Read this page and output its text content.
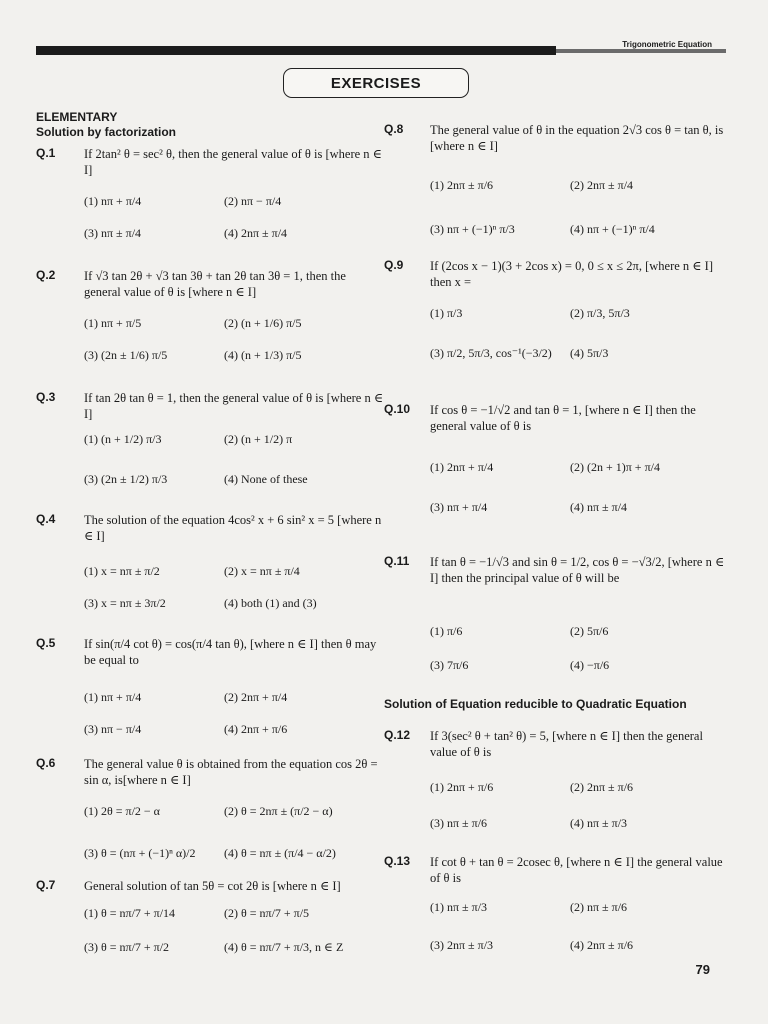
Trigonometric Equation
EXERCISES
ELEMENTARY
Solution by factorization
Q.1 If 2tan² θ = sec² θ, then the general value of θ is [where n ∈ I]
(1) nπ + π/4	(2) nπ − π/4
(3) nπ ± π/4	(4) 2nπ ± π/4
Q.2 If √3 tan 2θ + √3 tan 3θ + tan 2θ tan 3θ = 1, then the general value of θ is [where n ∈ I]
(1) nπ + π/5	(2) (n + 1/6) π/5
(3) (2n ± 1/6) π/5	(4) (n + 1/3) π/5
Q.3 If tan 2θ tan θ = 1, then the general value of θ is [where n ∈ I]
(1) (n + 1/2) π/3	(2) (n + 1/2) π
(3) (2n ± 1/2) π/3	(4) None of these
Q.4 The solution of the equation 4cos² x + 6 sin² x = 5 [where n ∈ I]
(1) x = nπ ± π/2	(2) x = nπ ± π/4
(3) x = nπ ± 3π/2	(4) both (1) and (3)
Q.5 If sin(π/4 cot θ) = cos(π/4 tan θ), [where n ∈ I] then θ may be equal to
(1) nπ + π/4	(2) 2nπ + π/4
(3) nπ − π/4	(4) 2nπ + π/6
Q.6 The general value θ is obtained from the equation cos 2θ = sin α, is[where n ∈ I]
(1) 2θ = π/2 − α	(2) θ = 2nπ ± (π/2 − α)
(3) θ = (nπ + (−1)ⁿ α)/2 (4) θ = nπ ± (π/4 − α/2)
Q.7 General solution of tan 5θ = cot 2θ is [where n ∈ I]
(1) θ = nπ/7 + π/14	(2) θ = nπ/7 + π/5
(3) θ = nπ/7 + π/2	(4) θ = nπ/7 + π/3, n ∈ Z
Q.8 The general value of θ in the equation 2√3 cos θ = tan θ, is [where n ∈ I]
(1) 2nπ ± π/6	(2) 2nπ ± π/4
(3) nπ + (−1)ⁿ π/3	(4) nπ + (−1)ⁿ π/4
Q.9 If (2cos x − 1)(3 + 2cos x) = 0, 0 ≤ x ≤ 2π, [where n ∈ I] then x =
(1) π/3	(2) π/3, 5π/3
(3) π/2, 5π/3, cos⁻¹(−3/2) (4) 5π/3
Q.10 If cos θ = −1/√2 and tan θ = 1, [where n ∈ I] then the general value of θ is
(1) 2nπ + π/4	(2) (2n + 1)π + π/4
(3) nπ + π/4	(4) nπ ± π/4
Q.11 If tan θ = −1/√3 and sin θ = 1/2, cos θ = −√3/2, [where n ∈ I] then the principal value of θ will be
(1) π/6	(2) 5π/6
(3) 7π/6	(4) −π/6
Solution of Equation reducible to Quadratic Equation
Q.12 If 3(sec² θ + tan² θ) = 5, [where n ∈ I] then the general value of θ is
(1) 2nπ + π/6	(2) 2nπ ± π/6
(3) nπ ± π/6	(4) nπ ± π/3
Q.13 If cot θ + tan θ = 2cosec θ, [where n ∈ I] the general value of θ is
(1) nπ ± π/3	(2) nπ ± π/6
(3) 2nπ ± π/3	(4) 2nπ ± π/6
79
